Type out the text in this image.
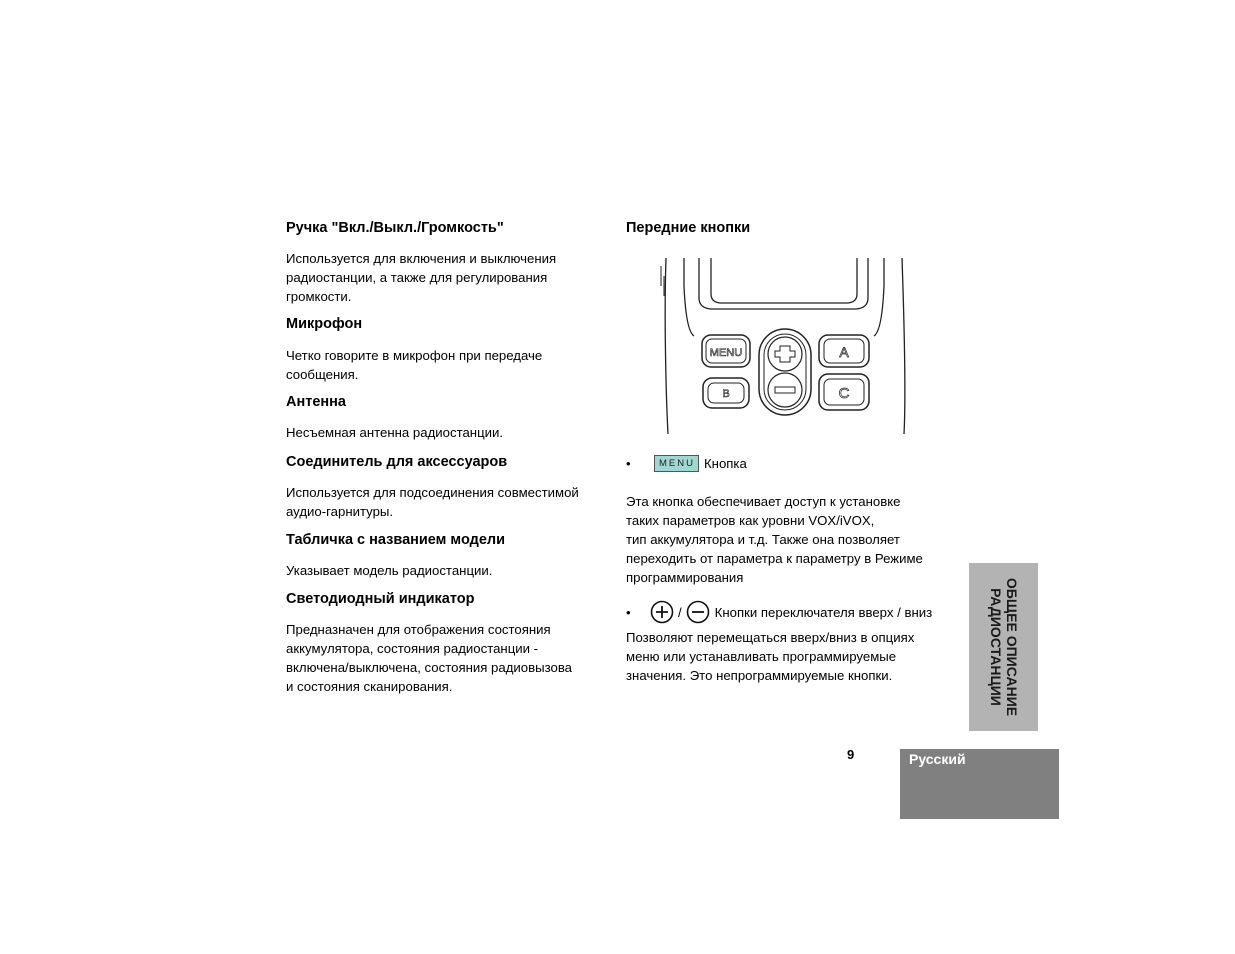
Ручка "Вкл./Выкл./Громкость"

Используется для включения и выключения радиостанции, а также для регулирования громкости.

Микрофон

Четко говорите в микрофон при передаче сообщения.

Антенна

Несъемная антенна радиостанции.

Соединитель для аксессуаров

Используется для подсоединения совместимой аудио-гарнитуры.

Табличка с названием модели

Указывает модель радиостанции.

Светодиодный индикатор

Предназначен для отображения состояния аккумулятора, состояния радиостанции - включена/выключена, состояния радиовызова и состояния сканирования.

Передние кнопки
MENU
B
A
C
•	MENU Кнопка

Эта кнопка обеспечивает доступ к установке

таких параметров как уровни VOX/iVOX,

тип аккумулятора и т.д. Также она позволяет

переходить от параметра к параметру в Режиме

программирования

•	/	Кнопки переключателя вверх / вниз

Позволяют перемещаться вверх/вниз в опциях

меню или устанавливать программируемые

значения. Это непрограммируемые кнопки.	ОБЩЕЕ ОПИСАНИЕ
РАДИОСТАНЦИИ
9	Русский
